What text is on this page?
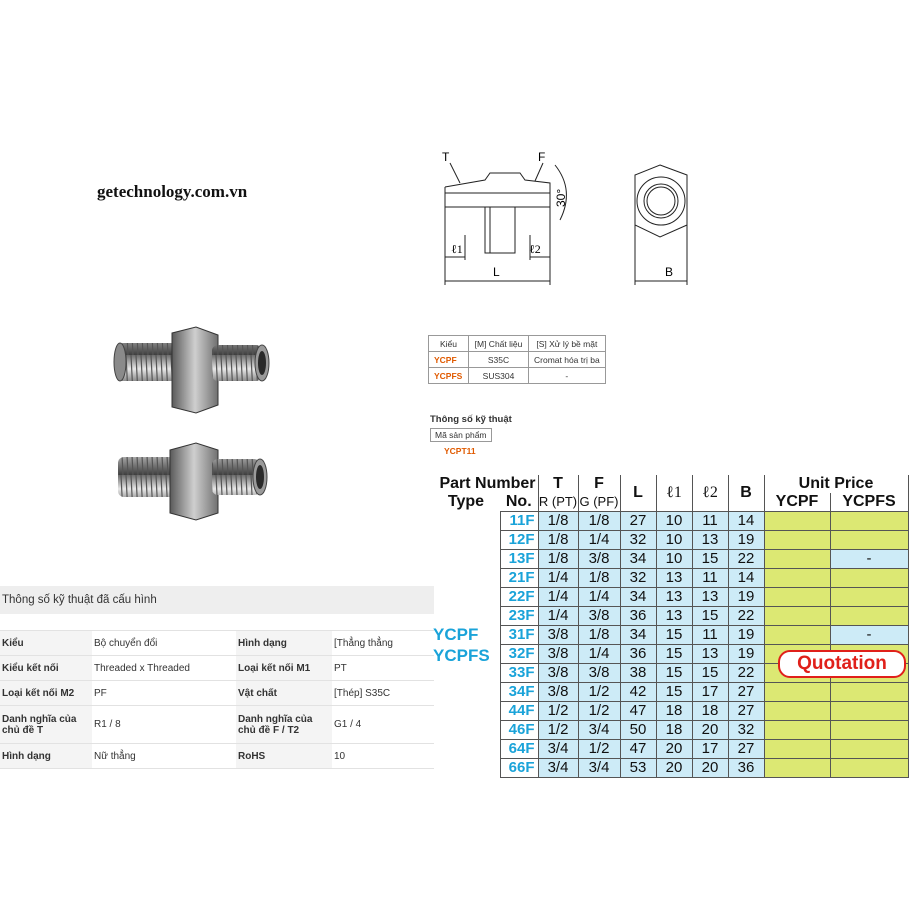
getechnology.com.vn
T	F
30°
ℓ1	ℓ2
L	B
Kiểu	[M] Chất liệu	[S] Xử lý bề mặt
YCPF	S35C	Cromat hóa trị ba
YCPFS	SUS304	-
Thông số kỹ thuật
Mã sản phẩm
YCPT11
Thông số kỹ thuật đã cấu hình
Kiểu	Bộ chuyển đổi	Hình dạng	[Thẳng thẳng
Kiểu kết nối	Threaded x Threaded	Loại kết nối M1	PT
Loại kết nối M2	PF	Vật chất	[Thép] S35C
Danh nghĩa của chủ đề T	R1 / 8	Danh nghĩa của chủ đề F / T2	G1 / 4
Hình dạng	Nữ thẳng	RoHS	10
Part Number		T	F	L	ℓ1	ℓ2	B	Unit Price	
Type	No.	R (PT)	G (PF)					YCPF	YCPFS
	11F	1/8	1/8	27	10	11	14		
	12F	1/8	1/4	32	10	13	19		
	13F	1/8	3/8	34	10	15	22		-
	21F	1/4	1/8	32	13	11	14		
	22F	1/4	1/4	34	13	13	19		
	23F	1/4	3/8	36	13	15	22		
	31F	3/8	1/8	34	15	11	19		-
	32F	3/8	1/4	36	15	13	19		
	33F	3/8	3/8	38	15	15	22		
	34F	3/8	1/2	42	15	17	27		
	44F	1/2	1/2	47	18	18	27		
	46F	1/2	3/4	50	18	20	32		
	64F	3/4	1/2	47	20	17	27		
	66F	3/4	3/4	53	20	20	36		
YCPF
YCPFS	Quotation
